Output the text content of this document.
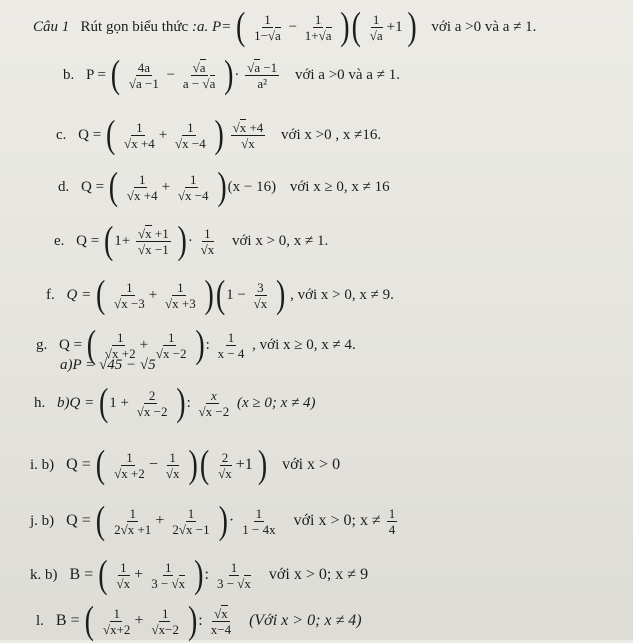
Câu 1 Rút gọn biểu thức :a. P= ( $\frac{1}{1-√a} - \frac{1}{1+√a}$ )( $\frac{1}{√a} +1$ ) với a >0 và a ≠ 1.
b. P = ( $\frac{4a}{√a -1} - \frac{√a}{a - √a}$ )· $\frac{√a -1}{\text{a²}}$ với a >0 và a ≠ 1.
c. Q = ( $\frac{1}{√x +4} + \frac{1}{√x -4}$ ) $\frac{√x +4}{√x}$ với x >0 , x ≠16.
d. Q = ( $\frac{1}{√x +4} + \frac{1}{√x -4} )(x - 16)$ với x ≥ 0, x ≠ 16
e. $Q = (1+ \frac{√x +1}{√x -1}$ )· $\frac{1}{√x}$ với x > 0, x ≠ 1.
f. Q = ( $\frac{1}{√x -3} + \frac{1}{√x +3} )(1 - \frac{3}{√x}$ ) , với x > 0, x ≠ 9.
g. Q = ( $\frac{1}{√x +2} + \frac{1}{√x -2}$ ): $\frac{1}{x - 4}$ , với x ≥ 0, x ≠ 4.
a)P = √45 − √5
h. $b)Q = (1 + \frac{2}{√x -2}$ ): $\frac{x}{√x -2} (x \ge 0$; x ≠ 4)
i. b) Q = ( $\frac{1}{√x +2} - \frac{1}{√x}$ )( $\frac{2}{√x} +1$ ) với x > 0
j. b) Q = ( $\frac{1}{2√x +1} + \frac{1}{2√x -1}$ )· $\frac{1}{1 - 4x}$ với x > 0; $x \ne \frac{1}{4}$
k. b) B = ( $\frac{1}{√x} + \frac{1}{3 - √x}$ ): $\frac{1}{3 - √x}$ với x > 0; x ≠ 9
l. B = ( $\frac{1}{√x+2} + \frac{1}{√x-2}$ ): $\frac{√x}{x-4}$ (Với x > 0; x ≠ 4)
